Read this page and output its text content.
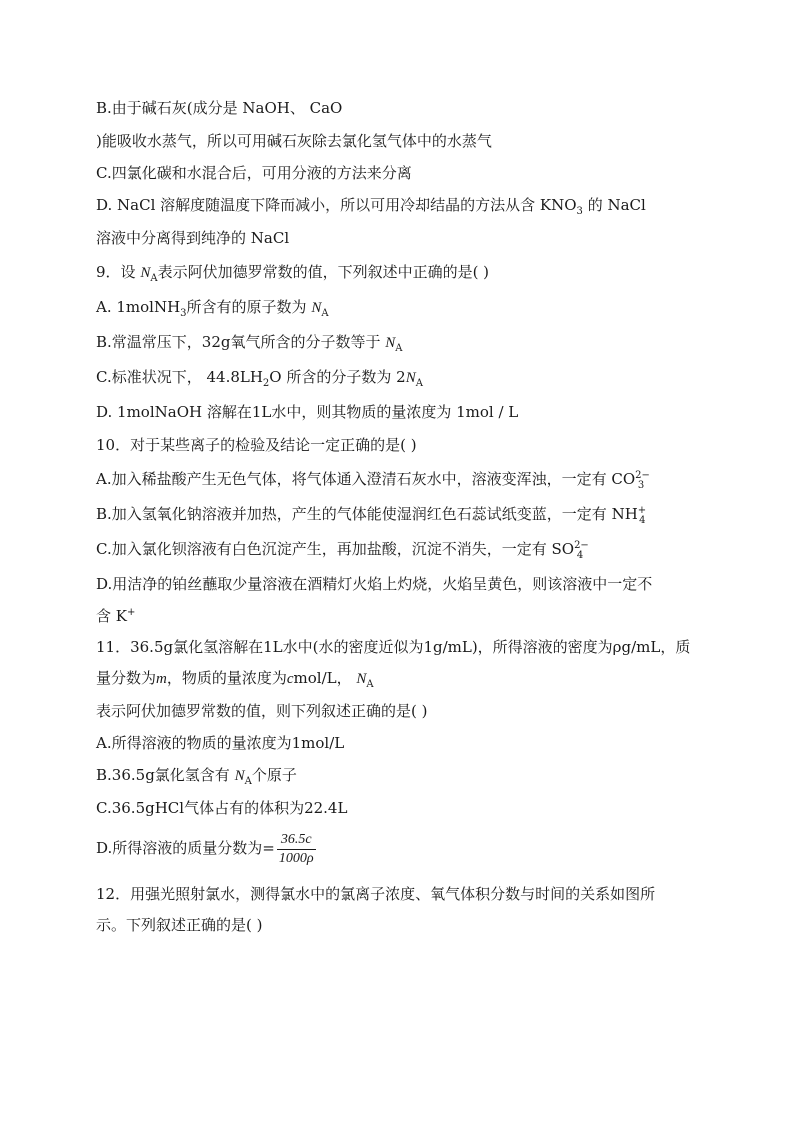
B.由于碱石灰(成分是 NaOH、 CaO
)能吸收水蒸气，所以可用碱石灰除去氯化氢气体中的水蒸气
C.四氯化碳和水混合后，可用分液的方法来分离
D. NaCl 溶解度随温度下降而减小，所以可用冷却结晶的方法从含 $KNO_3$ 的 NaCl
溶液中分离得到纯净的 NaCl
9．设 $N_A$表示阿伏加德罗常数的值，下列叙述中正确的是( )
A. 1molNH$_3$所含有的原子数为 $N_A$
B.常温常压下，32g氧气所含的分子数等于 $N_A$
C.标准状况下， $44.8LH_2O$ 所含的分子数为 $2N_A$
D. 1molNaOH 溶解在1L水中，则其物质的量浓度为 1mol / L
10．对于某些离子的检验及结论一定正确的是( )
A.加入稀盐酸产生无色气体，将气体通入澄清石灰水中，溶液变浑浊，一定有 $CO^{2-}_3$
B.加入氢氧化钠溶液并加热，产生的气体能使湿润红色石蕊试纸变蓝，一定有 $NH^+_4$
C.加入氯化钡溶液有白色沉淀产生，再加盐酸，沉淀不消失，一定有 $SO^{2-}_4$
D.用洁净的铂丝蘸取少量溶液在酒精灯火焰上灼烧，火焰呈黄色，则该溶液中一定不
含 K+
11．36.5g氯化氢溶解在1L水中(水的密度近似为1g/mL)，所得溶液的密度为ρg/mL，质
量分数为m，物质的量浓度为cmol/L， $N_A$
表示阿伏加德罗常数的值，则下列叙述正确的是( )
A.所得溶液的物质的量浓度为1mol/L
B.36.5g氯化氢含有 $N_A$个原子
C.36.5gHCl气体占有的体积为22.4L
D.所得溶液的质量分数为= $\frac{36.5c}{1000\rho}$
12．用强光照射氯水，测得氯水中的氯离子浓度、氧气体积分数与时间的关系如图所
示。下列叙述正确的是( )
